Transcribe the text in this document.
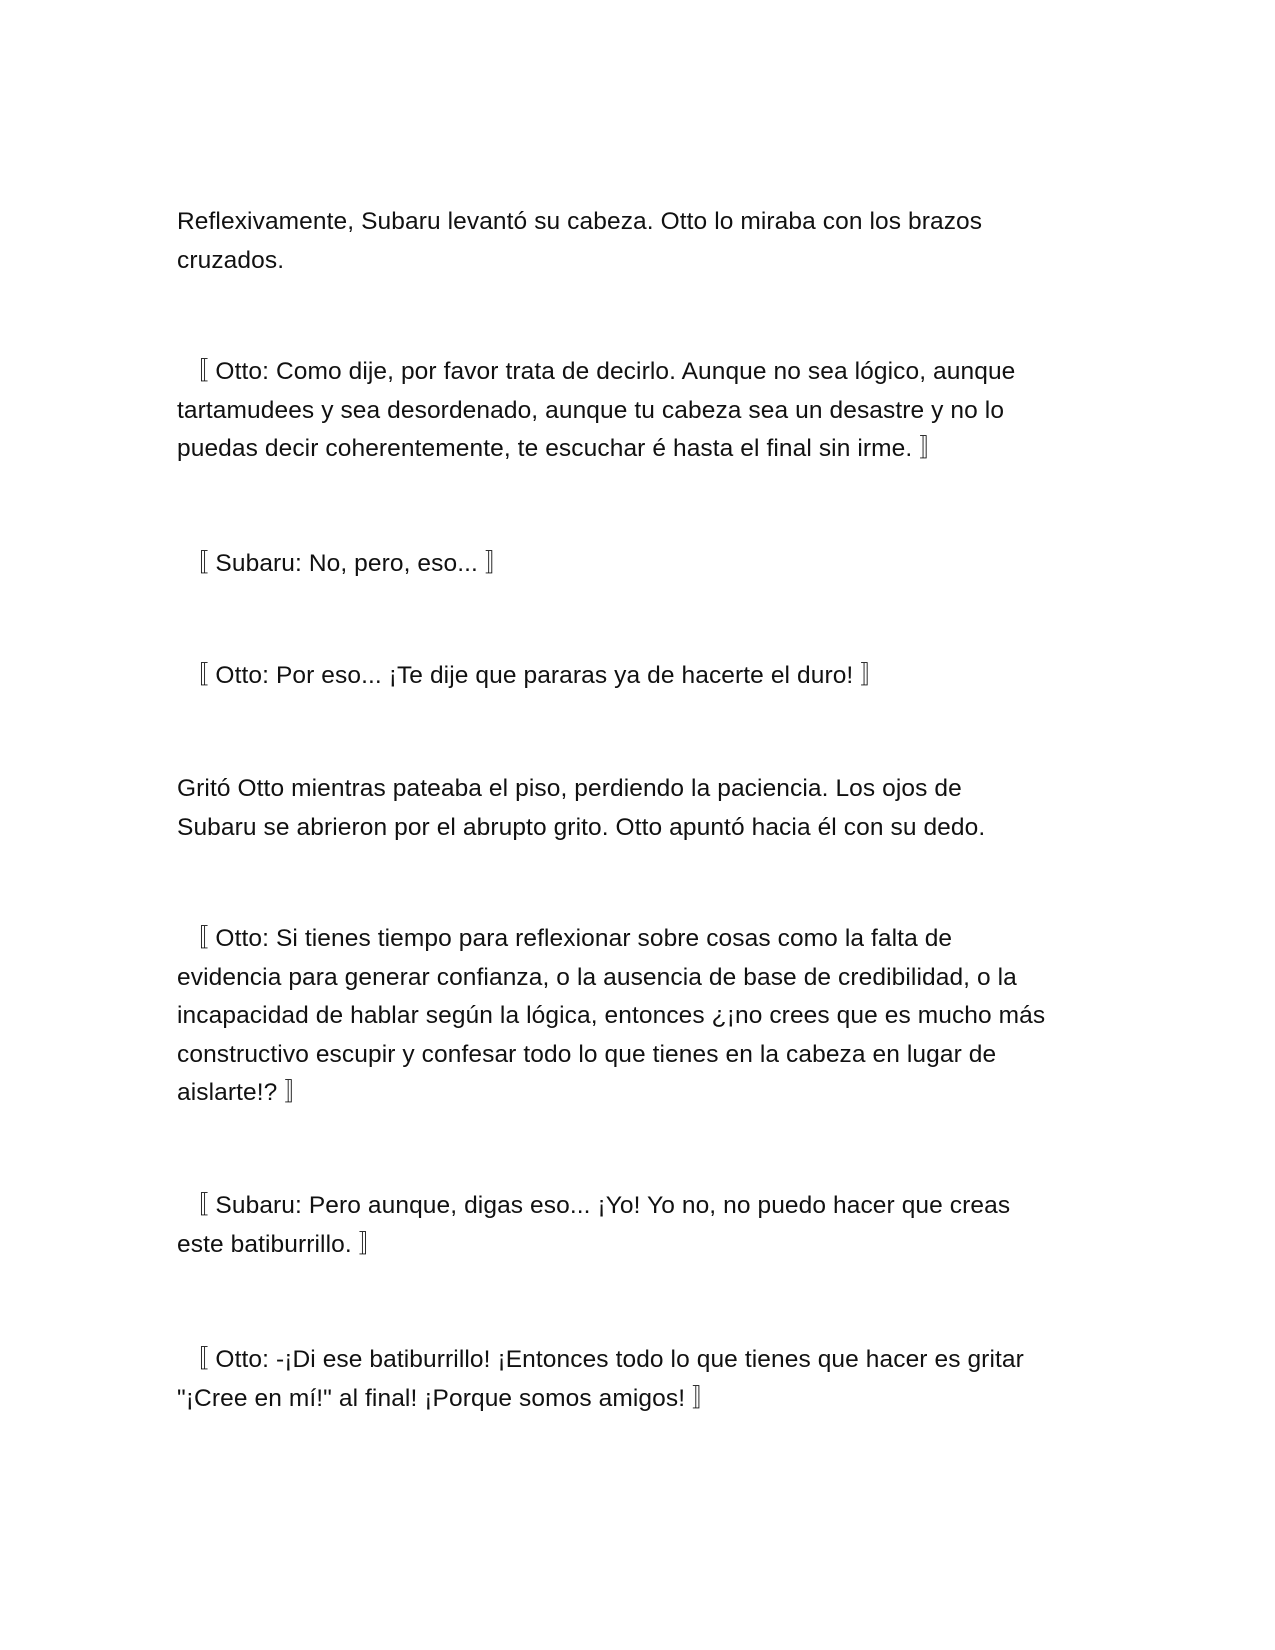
Reflexivamente, Subaru levantó su cabeza. Otto lo miraba con los brazos
cruzados.

〚 Otto: Como dije, por favor trata de decirlo. Aunque no sea lógico, aunque
tartamudees y sea desordenado, aunque tu cabeza sea un desastre y no lo
puedas decir coherentemente, te escuchar é hasta el final sin irme. 〛

〚 Subaru: No, pero, eso... 〛

〚 Otto: Por eso... ¡Te dije que pararas ya de hacerte el duro! 〛

Gritó Otto mientras pateaba el piso, perdiendo la paciencia. Los ojos de
Subaru se abrieron por el abrupto grito. Otto apuntó hacia él con su dedo.

〚 Otto: Si tienes tiempo para reflexionar sobre cosas como la falta de
evidencia para generar confianza, o la ausencia de base de credibilidad, o la
incapacidad de hablar según la lógica, entonces ¿¡no crees que es mucho más
constructivo escupir y confesar todo lo que tienes en la cabeza en lugar de
aislarte!? 〛

〚 Subaru: Pero aunque, digas eso... ¡Yo! Yo no, no puedo hacer que creas
este batiburrillo. 〛

〚 Otto: -¡Di ese batiburrillo! ¡Entonces todo lo que tienes que hacer es gritar
"¡Cree en mí!" al final! ¡Porque somos amigos! 〛
